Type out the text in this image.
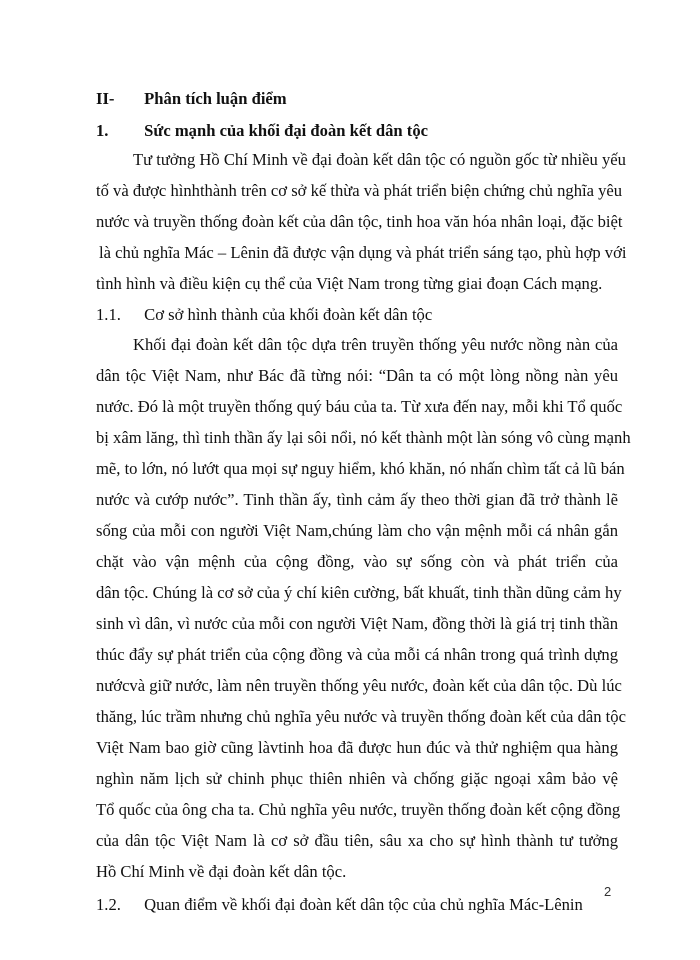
II- Phân tích luận điểm
1. Sức mạnh của khối đại đoàn kết dân tộc
Tư tưởng Hồ Chí Minh về đại đoàn kết dân tộc có nguồn gốc từ nhiều yếu
tố và được hìnhthành trên cơ sở kế thừa và phát triển biện chứng chủ nghĩa yêu
nước và truyền thống đoàn kết của dân tộc, tinh hoa văn hóa nhân loại, đặc biệt
là chủ nghĩa Mác – Lênin đã được vận dụng và phát triển sáng tạo, phù hợp với
tình hình và điều kiện cụ thể của Việt Nam trong từng giai đoạn Cách mạng.
1.1. Cơ sở hình thành của khối đoàn kết dân tộc
Khối đại đoàn kết dân tộc dựa trên truyền thống yêu nước nồng nàn của
dân tộc Việt Nam, như Bác đã từng nói: “Dân ta có một lòng nồng nàn yêu
nước. Đó là một truyền thống quý báu của ta. Từ xưa đến nay, mỗi khi Tổ quốc
bị xâm lăng, thì tinh thần ấy lại sôi nổi, nó kết thành một làn sóng vô cùng mạnh
mẽ, to lớn, nó lướt qua mọi sự nguy hiểm, khó khăn, nó nhấn chìm tất cả lũ bán
nước và cướp nước”. Tinh thần ấy, tình cảm ấy theo thời gian đã trở thành lẽ
sống của mỗi con người Việt Nam,chúng làm cho vận mệnh mỗi cá nhân gắn
chặt vào vận mệnh của cộng đồng, vào sự sống còn và phát triển của
dân tộc. Chúng là cơ sở của ý chí kiên cường, bất khuất, tinh thần dũng cảm hy
sinh vì dân, vì nước của mỗi con người Việt Nam, đồng thời là giá trị tinh thần
thúc đẩy sự phát triển của cộng đồng và của mỗi cá nhân trong quá trình dựng
nướcvà giữ nước, làm nên truyền thống yêu nước, đoàn kết của dân tộc. Dù lúc
thăng, lúc trầm nhưng chủ nghĩa yêu nước và truyền thống đoàn kết của dân tộc
Việt Nam bao giờ cũng làvtinh hoa đã được hun đúc và thử nghiệm qua hàng
nghìn năm lịch sử chinh phục thiên nhiên và chống giặc ngoại xâm bảo vệ
Tổ quốc của ông cha ta. Chủ nghĩa yêu nước, truyền thống đoàn kết cộng đồng
của dân tộc Việt Nam là cơ sở đầu tiên, sâu xa cho sự hình thành tư tưởng
Hồ Chí Minh về đại đoàn kết dân tộc.
1.2. Quan điểm về khối đại đoàn kết dân tộc của chủ nghĩa Mác-Lênin
2
